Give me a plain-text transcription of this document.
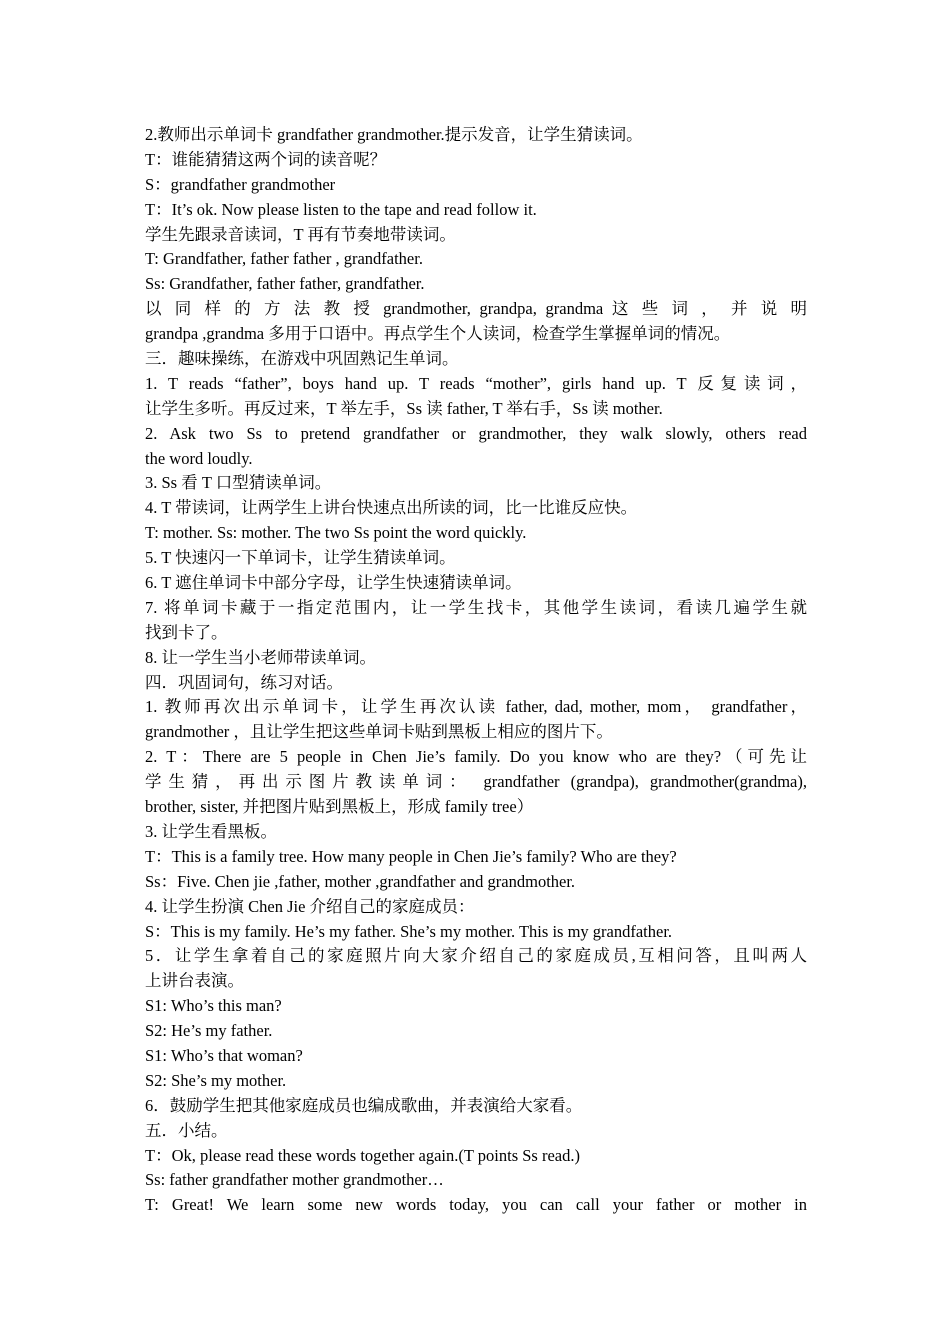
2.教师出示单词卡 grandfather grandmother.提示发音，让学生猜读词。
T：谁能猜猜这两个词的读音呢？
S：grandfather grandmother
T：It’s ok. Now please listen to the tape and read follow it.
学生先跟录音读词，T 再有节奏地带读词。
T: Grandfather, father father , grandfather.
Ss: Grandfather, father father, grandfather.
以 同 样 的 方 法 教 授 grandmother, grandpa, grandma 这 些 词 ， 并 说 明
grandpa ,grandma 多用于口语中。再点学生个人读词，检查学生掌握单词的情况。
三．趣味操练，在游戏中巩固熟记生单词。
1. T reads “father”, boys hand up. T reads “mother”, girls hand up. T 反复读词，
让学生多听。再反过来，T 举左手，Ss 读 father, T 举右手，Ss 读 mother.
2. Ask two Ss to pretend grandfather or grandmother, they walk slowly, others read
the word loudly.
3. Ss 看 T 口型猜读单词。
4. T 带读词，让两学生上讲台快速点出所读的词，比一比谁反应快。
T: mother. Ss: mother. The two Ss point the word quickly.
5. T 快速闪一下单词卡，让学生猜读单词。
6. T 遮住单词卡中部分字母，让学生快速猜读单词。
7. 将单词卡藏于一指定范围内，让一学生找卡，其他学生读词，看读几遍学生就
找到卡了。
8. 让一学生当小老师带读单词。
四．巩固词句，练习对话。
1. 教师再次出示单词卡，让学生再次认读 father, dad, mother, mom， grandfather，
grandmother ，且让学生把这些单词卡贴到黑板上相应的图片下。
2. T：There are 5 people in Chen Jie’s family. Do you know who are they?（可先让
学生猜，再出示图片教读单词： grandfather (grandpa), grandmother(grandma),
brother, sister, 并把图片贴到黑板上，形成 family tree）
3. 让学生看黑板。
T：This is a family tree. How many people in Chen Jie’s family? Who are they?
Ss：Five. Chen jie ,father, mother ,grandfather and grandmother.
4. 让学生扮演 Chen Jie 介绍自己的家庭成员：
S：This is my family. He’s my father. She’s my mother. This is my grandfather.
5．让学生拿着自己的家庭照片向大家介绍自己的家庭成员,互相问答，且叫两人
上讲台表演。
S1: Who’s this man?
S2: He’s my father.
S1: Who’s that woman?
S2: She’s my mother.
6．鼓励学生把其他家庭成员也编成歌曲，并表演给大家看。
五．小结。
T：Ok, please read these words together again.(T points Ss read.)
Ss: father grandfather mother grandmother…
T: Great! We learn some new words today, you can call your father or mother in
